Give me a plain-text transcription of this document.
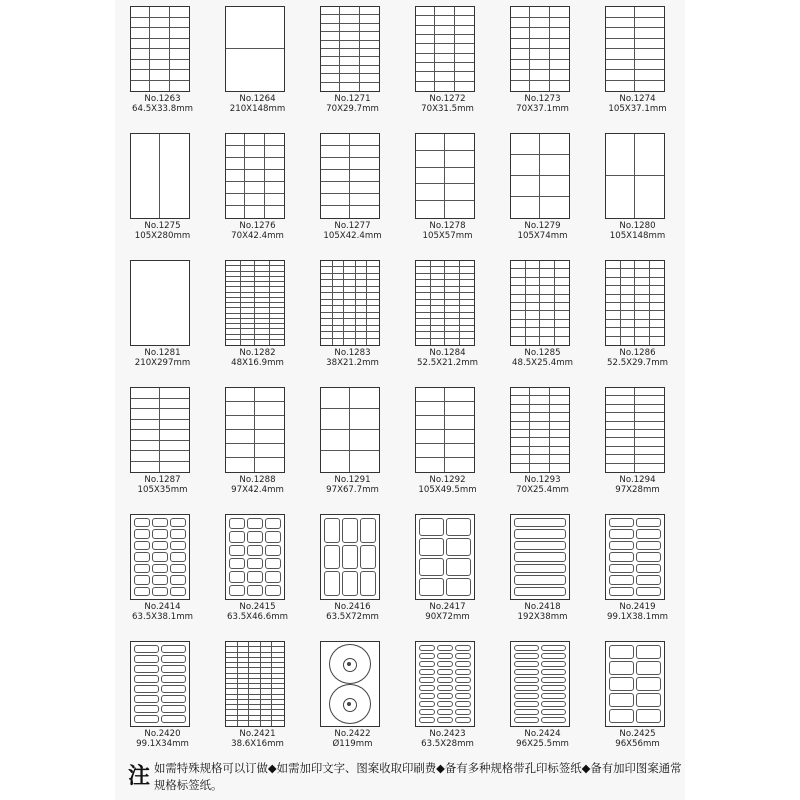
No.1263
64.5X33.8mm
No.1264
210X148mm
No.1271
70X29.7mm
No.1272
70X31.5mm
No.1273
70X37.1mm
No.1274
105X37.1mm
No.1275
105X280mm
No.1276
70X42.4mm
No.1277
105X42.4mm
No.1278
105X57mm
No.1279
105X74mm
No.1280
105X148mm
No.1281
210X297mm
No.1282
48X16.9mm
No.1283
38X21.2mm
No.1284
52.5X21.2mm
No.1285
48.5X25.4mm
No.1286
52.5X29.7mm
No.1287
105X35mm
No.1288
97X42.4mm
No.1291
97X67.7mm
No.1292
105X49.5mm
No.1293
70X25.4mm
No.1294
97X28mm
No.2414
63.5X38.1mm
No.2415
63.5X46.6mm
No.2416
63.5X72mm
No.2417
90X72mm
No.2418
192X38mm
No.2419
99.1X38.1mm
No.2420
99.1X34mm
No.2421
38.6X16mm
No.2422
Ø119mm
No.2423
63.5X28mm
No.2424
96X25.5mm
No.2425
96X56mm
注 如需特殊规格可以订做◆如需加印文字、图案收取印刷费◆备有多种规格带孔印标签纸◆备有加印图案通常规格标签纸。
